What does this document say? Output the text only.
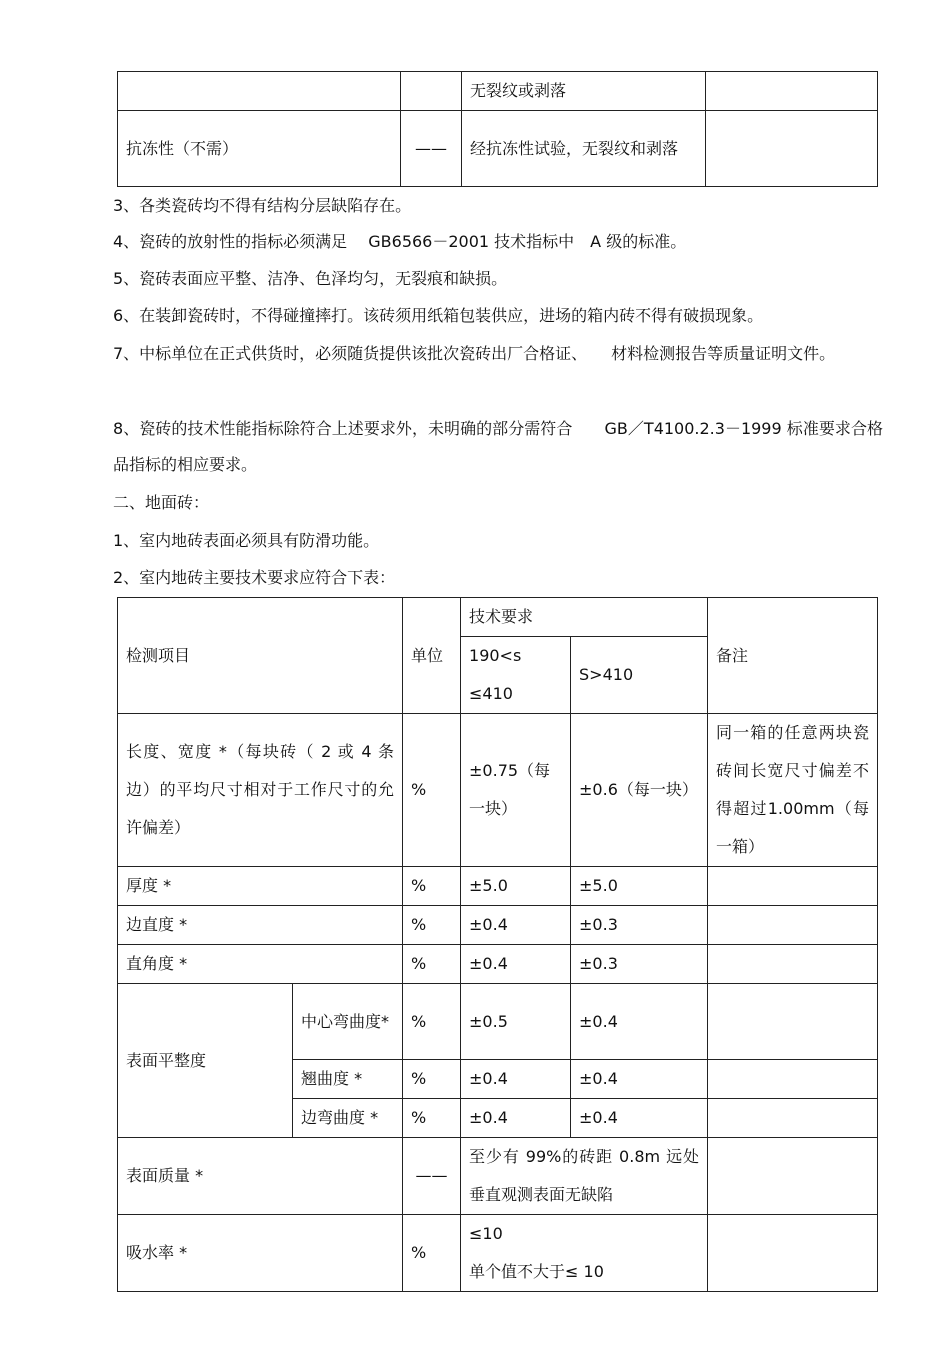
		无裂纹或剥落	
抗冻性（不需）	——	经抗冻性试验，无裂纹和剥落	

3、各类瓷砖均不得有结构分层缺陷存在。

4、瓷砖的放射性的指标必须满足　 GB6566－2001 技术指标中　A 级的标准。

5、瓷砖表面应平整、洁净、色泽均匀，无裂痕和缺损。

6、在装卸瓷砖时，不得碰撞摔打。该砖须用纸箱包装供应，进场的箱内砖不得有破损现象。

7、中标单位在正式供货时，必须随货提供该批次瓷砖出厂合格证、　　材料检测报告等质量证明文件。

8、瓷砖的技术性能指标除符合上述要求外，未明确的部分需符合　　GB／T4100.2.3－1999 标准要求合格品指标的相应要求。

二、地面砖：

1、室内地砖表面必须具有防滑功能。

2、室内地砖主要技术要求应符合下表：

检测项目		单位	技术要求		备注
			190<s　≤410	S>410	
长度、宽度 *（每块砖（ 2 或 4 条边）的平均尺寸相对于工作尺寸的允许偏差）		%	±0.75（每一块）	±0.6（每一块）	同一箱的任意两块瓷砖间长宽尺寸偏差不得超过1.00mm（每一箱）
厚度 *		%	±5.0	±5.0	
边直度 *		%	±0.4	±0.3	
直角度 *		%	±0.4	±0.3	
表面平整度	中心弯曲度*	%	±0.5	±0.4	
	翘曲度 *	%	±0.4	±0.4	
	边弯曲度 *	%	±0.4	±0.4	
表面质量 *		——	至少有 99%的砖距 0.8m 远处垂直观测表面无缺陷		
吸水率 *		%	≤10
单个值不大于≤ 10		
